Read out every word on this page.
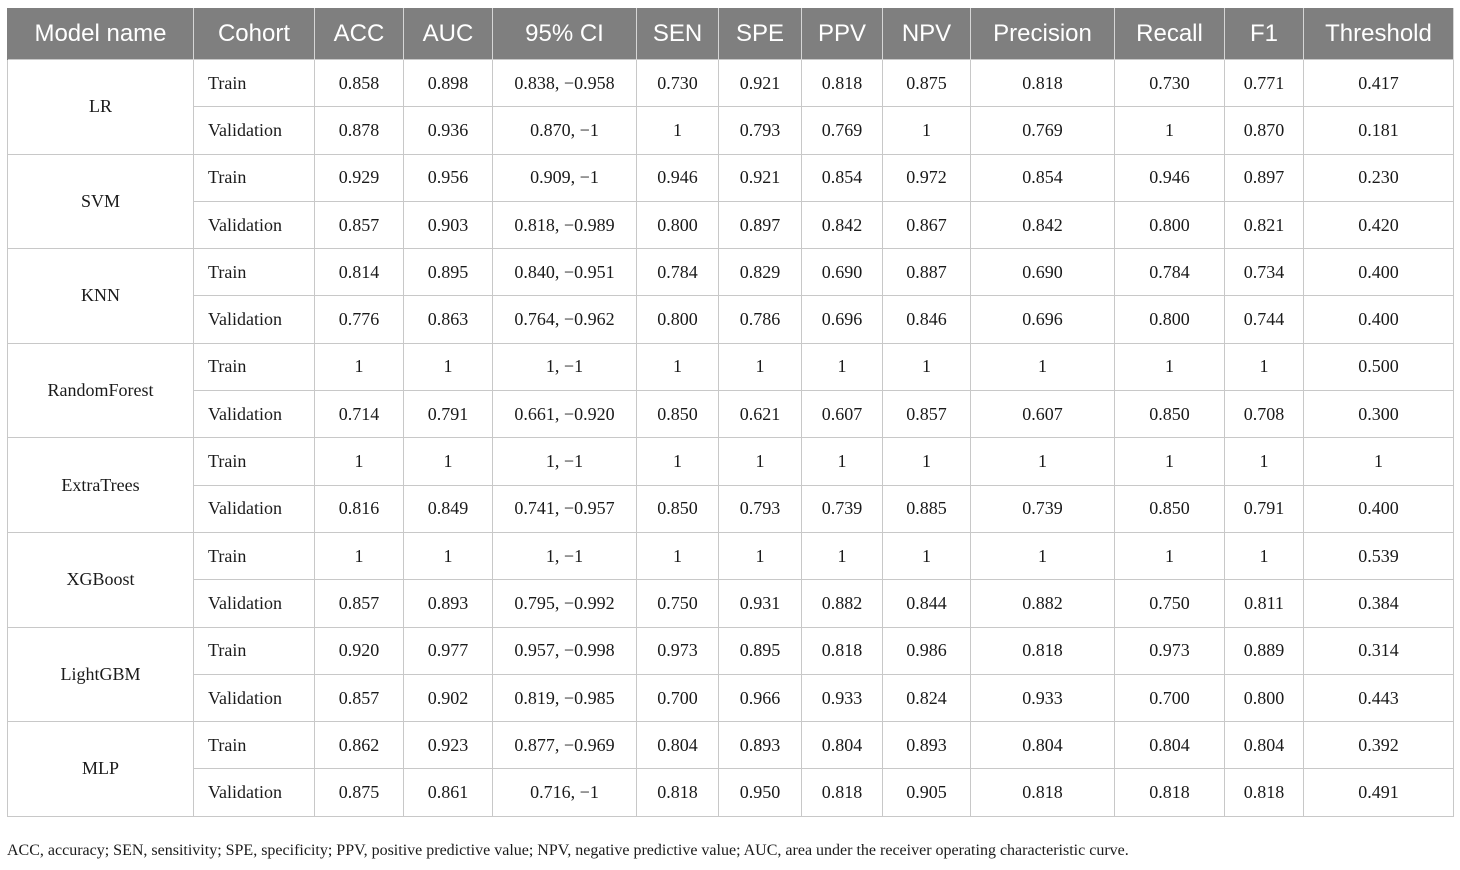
Model name	Cohort	ACC	AUC	95% CI	SEN	SPE	PPV	NPV	Precision	Recall	F1	Threshold
LR	Train	0.858	0.898	0.838, −0.958	0.730	0.921	0.818	0.875	0.818	0.730	0.771	0.417
	Validation	0.878	0.936	0.870, −1	1	0.793	0.769	1	0.769	1	0.870	0.181
SVM	Train	0.929	0.956	0.909, −1	0.946	0.921	0.854	0.972	0.854	0.946	0.897	0.230
	Validation	0.857	0.903	0.818, −0.989	0.800	0.897	0.842	0.867	0.842	0.800	0.821	0.420
KNN	Train	0.814	0.895	0.840, −0.951	0.784	0.829	0.690	0.887	0.690	0.784	0.734	0.400
	Validation	0.776	0.863	0.764, −0.962	0.800	0.786	0.696	0.846	0.696	0.800	0.744	0.400
RandomForest	Train	1	1	1, −1	1	1	1	1	1	1	1	0.500
	Validation	0.714	0.791	0.661, −0.920	0.850	0.621	0.607	0.857	0.607	0.850	0.708	0.300
ExtraTrees	Train	1	1	1, −1	1	1	1	1	1	1	1	1
	Validation	0.816	0.849	0.741, −0.957	0.850	0.793	0.739	0.885	0.739	0.850	0.791	0.400
XGBoost	Train	1	1	1, −1	1	1	1	1	1	1	1	0.539
	Validation	0.857	0.893	0.795, −0.992	0.750	0.931	0.882	0.844	0.882	0.750	0.811	0.384
LightGBM	Train	0.920	0.977	0.957, −0.998	0.973	0.895	0.818	0.986	0.818	0.973	0.889	0.314
	Validation	0.857	0.902	0.819, −0.985	0.700	0.966	0.933	0.824	0.933	0.700	0.800	0.443
MLP	Train	0.862	0.923	0.877, −0.969	0.804	0.893	0.804	0.893	0.804	0.804	0.804	0.392
	Validation	0.875	0.861	0.716, −1	0.818	0.950	0.818	0.905	0.818	0.818	0.818	0.491
ACC, accuracy; SEN, sensitivity; SPE, specificity; PPV, positive predictive value; NPV, negative predictive value; AUC, area under the receiver operating characteristic curve.
